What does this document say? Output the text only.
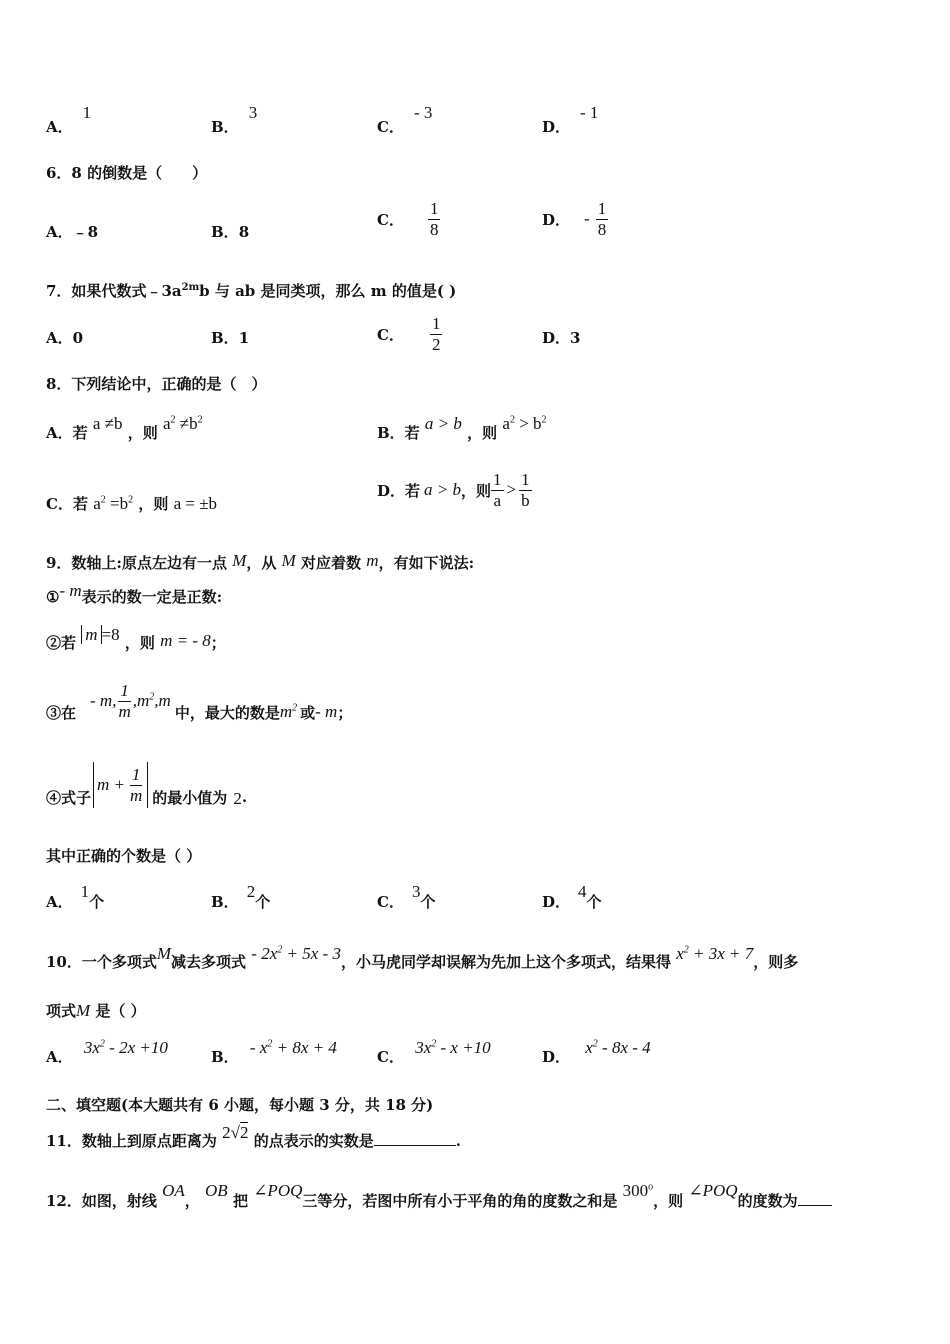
A．1
B．3
C．- 3
D．- 1
6．8 的倒数是（　　）
A．﹣8	B．8
C． $\frac{1}{8}$	D． - $\frac{1}{8}$
7．如果代数式$﹣3a^{2m}b$ 与 ab 是同类项，那么 m 的值是( )
A．0	B．1	C． $\frac{1}{2}$	D．3
8．下列结论中，正确的是（　）
A．若 a ≠b ，则 $a^2 \ne b^2$
B．若 a > b ，则 $a^2 > b^2$
C．若 $a^2 =b^2$ ，则 a = ±b
D．若 a > b ，则 $\frac{1}{a} > \frac{1}{b}$
9．数轴上:原点左边有一点 M，从 M 对应着数 m，有如下说法:
①- m表示的数一定是正数:
②若 m =8 ，则 m = - 8；
③在
- m, $\frac{1}{m} ,m^2,m$
中，最大的数是 $m^2$ 或 - m ；
④式子
$m + \frac{1}{m}$ 的最小值为 2 .
其中正确的个数是（ ）
A．1个	B．2个	C．3个	D．4个
10．一个多项式M减去多项式 - $2x^2 + 5x - 3$，小马虎同学却误解为先加上这个多项式，结果得 $x^2 + 3x + 7$，则多
项式M 是（ ）
A． $3x^2 - 2x +10$	B． - $x^2 + 8x + 4$	C． $3x^2 - x +10$	D． $x^2 - 8x - 4$
二、填空题(本大题共有 6 小题，每小题 3 分，共 18 分)
11．数轴上到原点距离为 2√2 的点表示的实数是	.
12．如图，射线 OA， OB 把 ∠POQ三等分，若图中所有小于平角的角的度数之和是 300$^o$，则 ∠POQ的度数为
